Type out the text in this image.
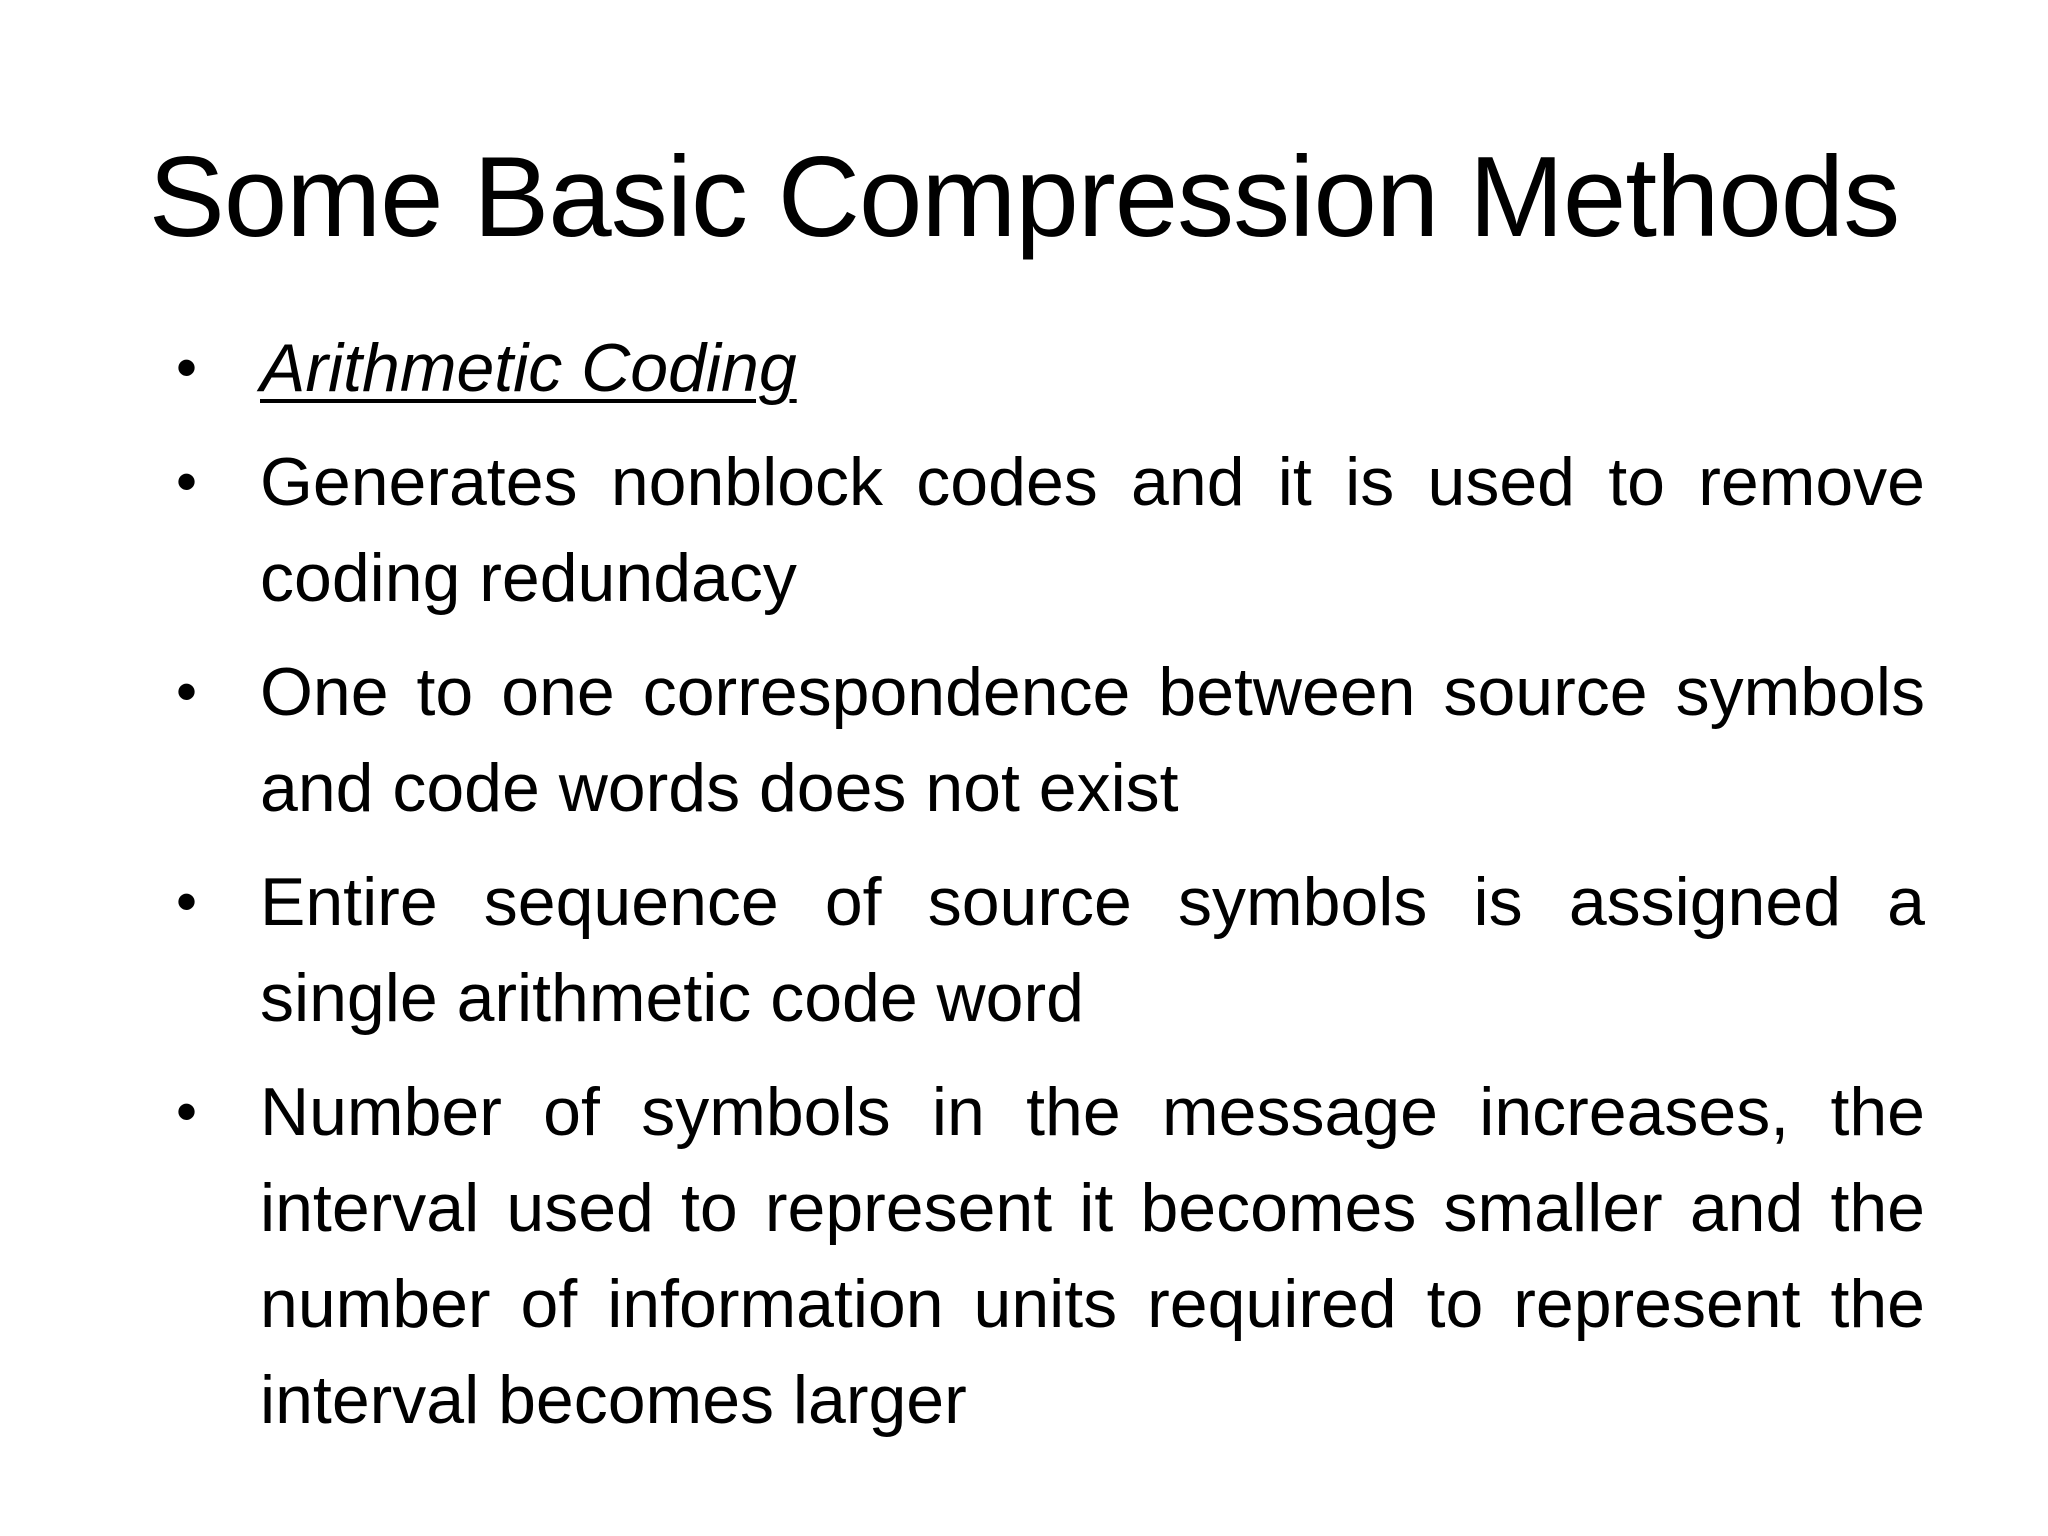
Some Basic Compression Methods
• Arithmetic Coding
• Generates nonblock codes and it is used to remove coding redundacy
• One to one correspondence between source symbols and code words does not exist
• Entire sequence of source symbols is assigned a single arithmetic code word
• Number of symbols in the message increases, the interval used to represent it becomes smaller and the number of information units required to represent the interval becomes larger
